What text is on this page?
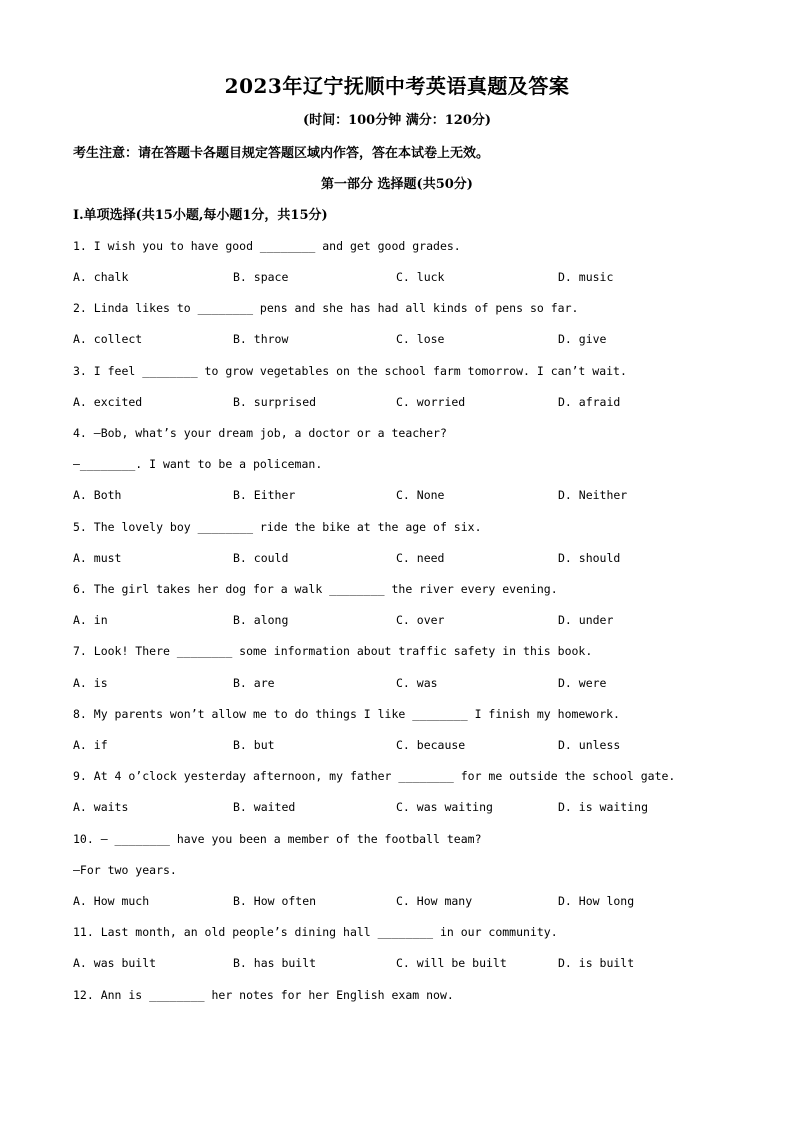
2023年辽宁抚顺中考英语真题及答案
(时间：100分钟 满分：120分)
考生注意：请在答题卡各题目规定答题区域内作答，答在本试卷上无效。
第一部分 选择题(共50分)
Ⅰ.单项选择(共15小题,每小题1分，共15分)
1. I wish you to have good ________ and get good grades.
A. chalk	B. space	C. luck	D. music
2. Linda likes to ________ pens and she has had all kinds of pens so far.
A. collect	B. throw	C. lose	D. give
3. I feel ________ to grow vegetables on the school farm tomorrow. I can’t wait.
A. excited	B. surprised	C. worried	D. afraid
4. —Bob, what’s your dream job, a doctor or a teacher?
—________. I want to be a policeman.
A. Both	B. Either	C. None	D. Neither
5. The lovely boy ________ ride the bike at the age of six.
A. must	B. could	C. need	D. should
6. The girl takes her dog for a walk ________ the river every evening.
A. in	B. along	C. over	D. under
7. Look! There ________ some information about traffic safety in this book.
A. is	B. are	C. was	D. were
8. My parents won’t allow me to do things I like ________ I finish my homework.
A. if	B. but	C. because	D. unless
9. At 4 o’clock yesterday afternoon, my father ________ for me outside the school gate.
A. waits	B. waited	C. was waiting	D. is waiting
10. — ________ have you been a member of the football team?
—For two years.
A. How much	B. How often	C. How many	D. How long
11. Last month, an old people’s dining hall ________ in our community.
A. was built	B. has built	C. will be built	D. is built
12. Ann is ________ her notes for her English exam now.
